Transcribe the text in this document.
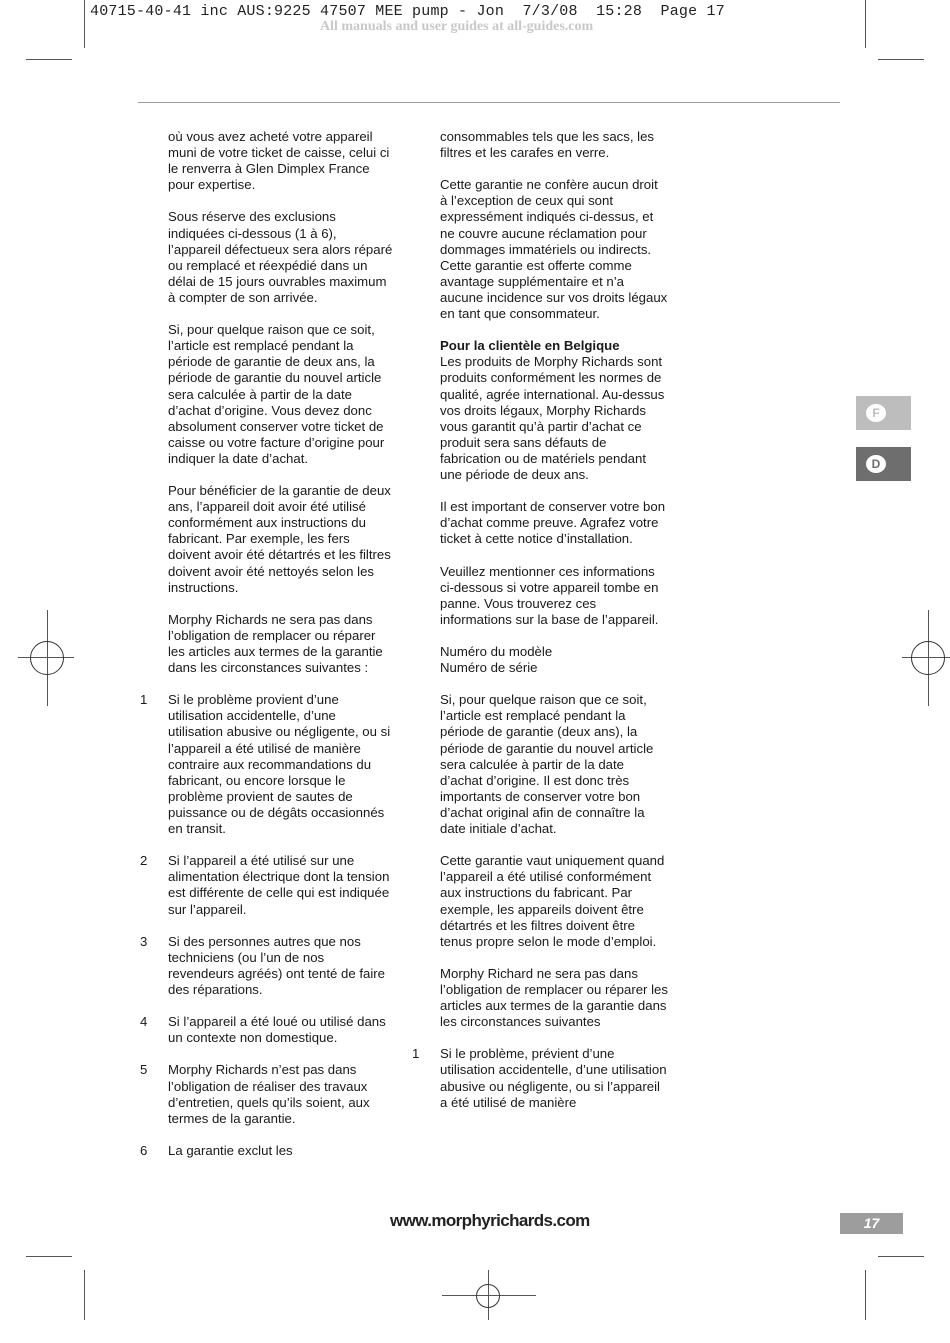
40715-40-41 inc AUS:9225 47507 MEE pump - Jon  7/3/08  15:28  Page 17
All manuals and user guides at all-guides.com

où vous avez acheté votre appareil muni de votre ticket de caisse, celui ci le renverra à Glen Dimplex France pour expertise.

Sous réserve des exclusions indiquées ci-dessous (1 à 6), l’appareil défectueux sera alors réparé ou remplacé et réexpédié dans un délai de 15 jours ouvrables maximum à compter de son arrivée.

Si, pour quelque raison que ce soit, l’article est remplacé pendant la période de garantie de deux ans, la période de garantie du nouvel article sera calculée à partir de la date d’achat d’origine. Vous devez donc absolument conserver votre ticket de caisse ou votre facture d’origine pour indiquer la date d’achat.

Pour bénéficier de la garantie de deux ans, l’appareil doit avoir été utilisé conformément aux instructions du fabricant. Par exemple, les fers doivent avoir été détartrés et les filtres doivent avoir été nettoyés selon les instructions.

Morphy Richards ne sera pas dans l’obligation de remplacer ou réparer les articles aux termes de la garantie dans les circonstances suivantes :

1 Si le problème provient d’une utilisation accidentelle, d’une utilisation abusive ou négligente, ou si l’appareil a été utilisé de manière contraire aux recommandations du fabricant, ou encore lorsque le problème provient de sautes de puissance ou de dégâts occasionnés en transit.

2 Si l’appareil a été utilisé sur une alimentation électrique dont la tension est différente de celle qui est indiquée sur l’appareil.

3 Si des personnes autres que nos techniciens (ou l’un de nos revendeurs agréés) ont tenté de faire des réparations.

4 Si l’appareil a été loué ou utilisé dans un contexte non domestique.

5 Morphy Richards n’est pas dans l’obligation de réaliser des travaux d’entretien, quels qu’ils soient, aux termes de la garantie.

6 La garantie exclut les

consommables tels que les sacs, les filtres et les carafes en verre.

Cette garantie ne confère aucun droit à l’exception de ceux qui sont expressément indiqués ci-dessus, et ne couvre aucune réclamation pour dommages immatériels ou indirects. Cette garantie est offerte comme avantage supplémentaire et n’a aucune incidence sur vos droits légaux en tant que consommateur.

Pour la clientèle en Belgique

Les produits de Morphy Richards sont produits conformément les normes de qualité, agrée international. Au-dessus vos droits légaux, Morphy Richards vous garantit qu’à partir d’achat ce produit sera sans défauts de fabrication ou de matériels pendant une période de deux ans.

Il est important de conserver votre bon d’achat comme preuve. Agrafez votre ticket à cette notice d’installation.

Veuillez mentionner ces informations ci-dessous si votre appareil tombe en panne. Vous trouverez ces informations sur la base de l’appareil.

Numéro du modèle
Numéro de série

Si, pour quelque raison que ce soit, l’article est remplacé pendant la période de garantie (deux ans), la période de garantie du nouvel article sera calculée à partir de la date d’achat d’origine. Il est donc très importants de conserver votre bon d’achat original afin de connaître la date initiale d’achat.

Cette garantie vaut uniquement quand l’appareil a été utilisé conformément aux instructions du fabricant. Par exemple, les appareils doivent être détartrés et les filtres doivent être tenus propre selon le mode d’emploi.

Morphy Richard ne sera pas dans l’obligation de remplacer ou réparer les articles aux termes de la garantie dans les circonstances suivantes

1 Si le problème, prévient d’une utilisation accidentelle, d’une utilisation abusive ou négligente, ou si l’appareil a été utilisé de manière

F
D
www.morphyrichards.com	17
